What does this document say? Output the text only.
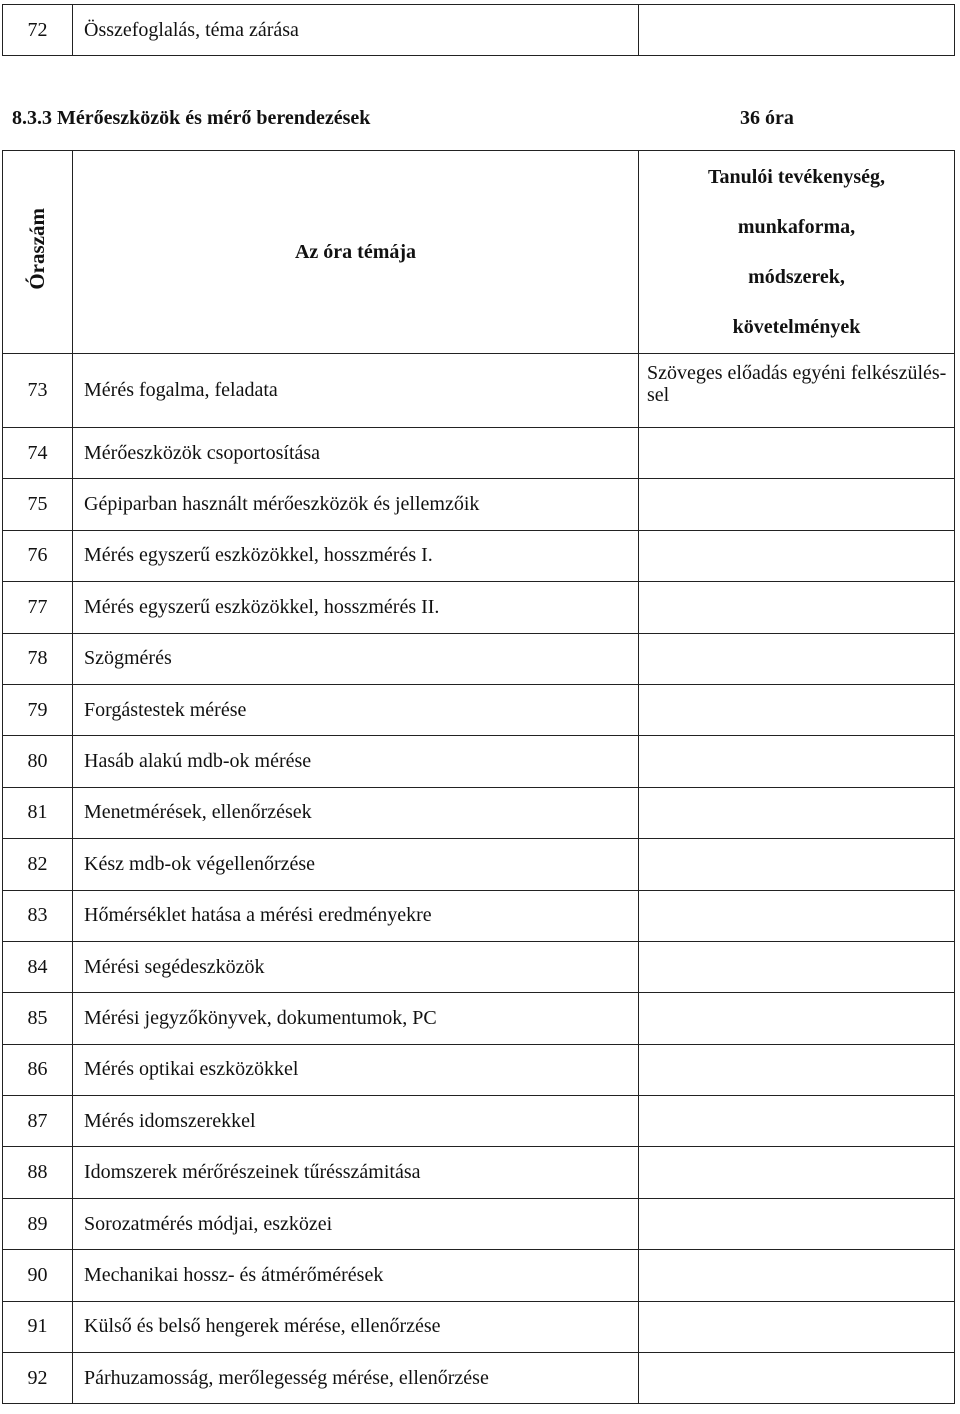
72	Összefoglalás, téma zárása	
8.3.3 Mérőeszközök és mérő berendezések	36 óra
Óraszám	Az óra témája	Tanulói tevékenység,
munkaforma,
módszerek,
követelmények

73	Mérés fogalma, feladata	Szöveges előadás egyéni felkészülés-sel
74	Mérőeszközök csoportosítása	
75	Gépiparban használt mérőeszközök és jellemzőik	
76	Mérés egyszerű eszközökkel, hosszmérés I.	
77	Mérés egyszerű eszközökkel, hosszmérés II.	
78	Szögmérés	
79	Forgástestek mérése	
80	Hasáb alakú mdb-ok mérése	
81	Menetmérések, ellenőrzések	
82	Kész mdb-ok végellenőrzése	
83	Hőmérséklet hatása a mérési eredményekre	
84	Mérési segédeszközök	
85	Mérési jegyzőkönyvek, dokumentumok, PC	
86	Mérés optikai eszközökkel	
87	Mérés idomszerekkel	
88	Idomszerek mérőrészeinek tűrésszámitása	
89	Sorozatmérés módjai, eszközei	
90	Mechanikai hossz- és átmérőmérések	
91	Külső és belső hengerek mérése, ellenőrzése	
92	Párhuzamosság, merőlegesség mérése, ellenőrzése	
